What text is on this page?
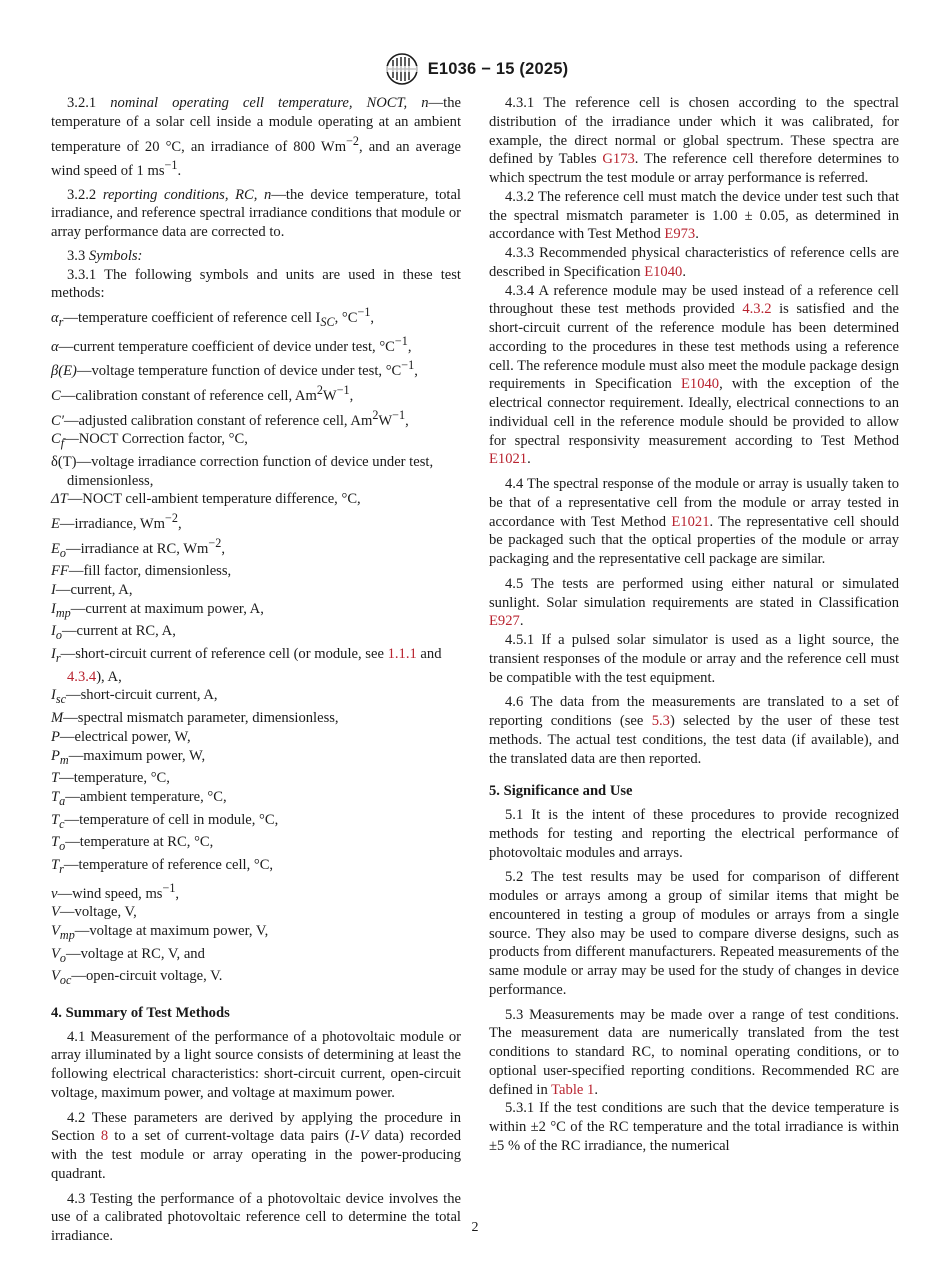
E1036 − 15 (2025)

3.2.1 nominal operating cell temperature, NOCT, n—the temperature of a solar cell inside a module operating at an ambient temperature of 20 °C, an irradiance of 800 $Wm^{-2}$, and an average wind speed of 1 $ms^{-1}$.

3.2.2 reporting conditions, RC, n—the device temperature, total irradiance, and reference spectral irradiance conditions that module or array performance data are corrected to.

3.3 Symbols:

3.3.1 The following symbols and units are used in these test methods:

$\alpha_r—temperature$ coefficient of reference cell $I_{SC}$, $^\circ C^{-1}$,

α—current temperature coefficient of device under test, $^\circ C^{-1}$,

β(E)—voltage temperature function of device under test, $^\circ C^{-1}$,

C—calibration constant of reference cell, $Am^2W^{-1}$,

C′—adjusted calibration constant of reference cell, $Am^2W^{-1}$,

$C_f—NOCT$ Correction factor, °C,

δ(T)—voltage irradiance correction function of device under test, dimensionless,

ΔT—NOCT cell-ambient temperature difference, °C,

E—irradiance, $Wm^{-2}$,

$E_o—irradiance$ at RC, $Wm^{-2}$,

FF—fill factor, dimensionless,

I—current, A,

$I_{mp}—current$ at maximum power, A,

$I_o—current$ at RC, A,

$I_r—short$-circuit current of reference cell (or module, see 1.1.1 and 4.3.4), A,

$I_{sc}—short$-circuit current, A,

M—spectral mismatch parameter, dimensionless,

P—electrical power, W,

$P_m—maximum$ power, W,

T—temperature, °C,

$T_a—ambient$ temperature, °C,

$T_c—temperature$ of cell in module, °C,

$T_o—temperature$ at RC, °C,

$T_r—temperature$ of reference cell, °C,

v—wind speed, $ms^{-1}$,

V—voltage, V,

$V_{mp}—voltage$ at maximum power, V,

$V_o—voltage$ at RC, V, and

$V_{oc}—open$-circuit voltage, V.

4. Summary of Test Methods

4.1 Measurement of the performance of a photovoltaic module or array illuminated by a light source consists of determining at least the following electrical characteristics: short-circuit current, open-circuit voltage, maximum power, and voltage at maximum power.

4.2 These parameters are derived by applying the procedure in Section 8 to a set of current-voltage data pairs (I-V data) recorded with the test module or array operating in the power-producing quadrant.

4.3 Testing the performance of a photovoltaic device involves the use of a calibrated photovoltaic reference cell to determine the total irradiance.

4.3.1 The reference cell is chosen according to the spectral distribution of the irradiance under which it was calibrated, for example, the direct normal or global spectrum. These spectra are defined by Tables G173. The reference cell therefore determines to which spectrum the test module or array performance is referred.

4.3.2 The reference cell must match the device under test such that the spectral mismatch parameter is 1.00 ± 0.05, as determined in accordance with Test Method E973.

4.3.3 Recommended physical characteristics of reference cells are described in Specification E1040.

4.3.4 A reference module may be used instead of a reference cell throughout these test methods provided 4.3.2 is satisfied and the short-circuit current of the reference module has been determined according to the procedures in these test methods using a reference cell. The reference module must also meet the module package design requirements in Specification E1040, with the exception of the electrical connector requirement. Ideally, electrical connections to an individual cell in the reference module should be provided to allow for spectral responsivity measurement according to Test Method E1021.

4.4 The spectral response of the module or array is usually taken to be that of a representative cell from the module or array tested in accordance with Test Method E1021. The representative cell should be packaged such that the optical properties of the module or array packaging and the representative cell package are similar.

4.5 The tests are performed using either natural or simulated sunlight. Solar simulation requirements are stated in Classification E927.

4.5.1 If a pulsed solar simulator is used as a light source, the transient responses of the module or array and the reference cell must be compatible with the test equipment.

4.6 The data from the measurements are translated to a set of reporting conditions (see 5.3) selected by the user of these test methods. The actual test conditions, the test data (if available), and the translated data are then reported.

5. Significance and Use

5.1 It is the intent of these procedures to provide recognized methods for testing and reporting the electrical performance of photovoltaic modules and arrays.

5.2 The test results may be used for comparison of different modules or arrays among a group of similar items that might be encountered in testing a group of modules or arrays from a single source. They also may be used to compare diverse designs, such as products from different manufacturers. Repeated measurements of the same module or array may be used for the study of changes in device performance.

5.3 Measurements may be made over a range of test conditions. The measurement data are numerically translated from the test conditions to standard RC, to nominal operating conditions, or to optional user-specified reporting conditions. Recommended RC are defined in Table 1.

5.3.1 If the test conditions are such that the device temperature is within ±2 °C of the RC temperature and the total irradiance is within ±5 % of the RC irradiance, the numerical

2
